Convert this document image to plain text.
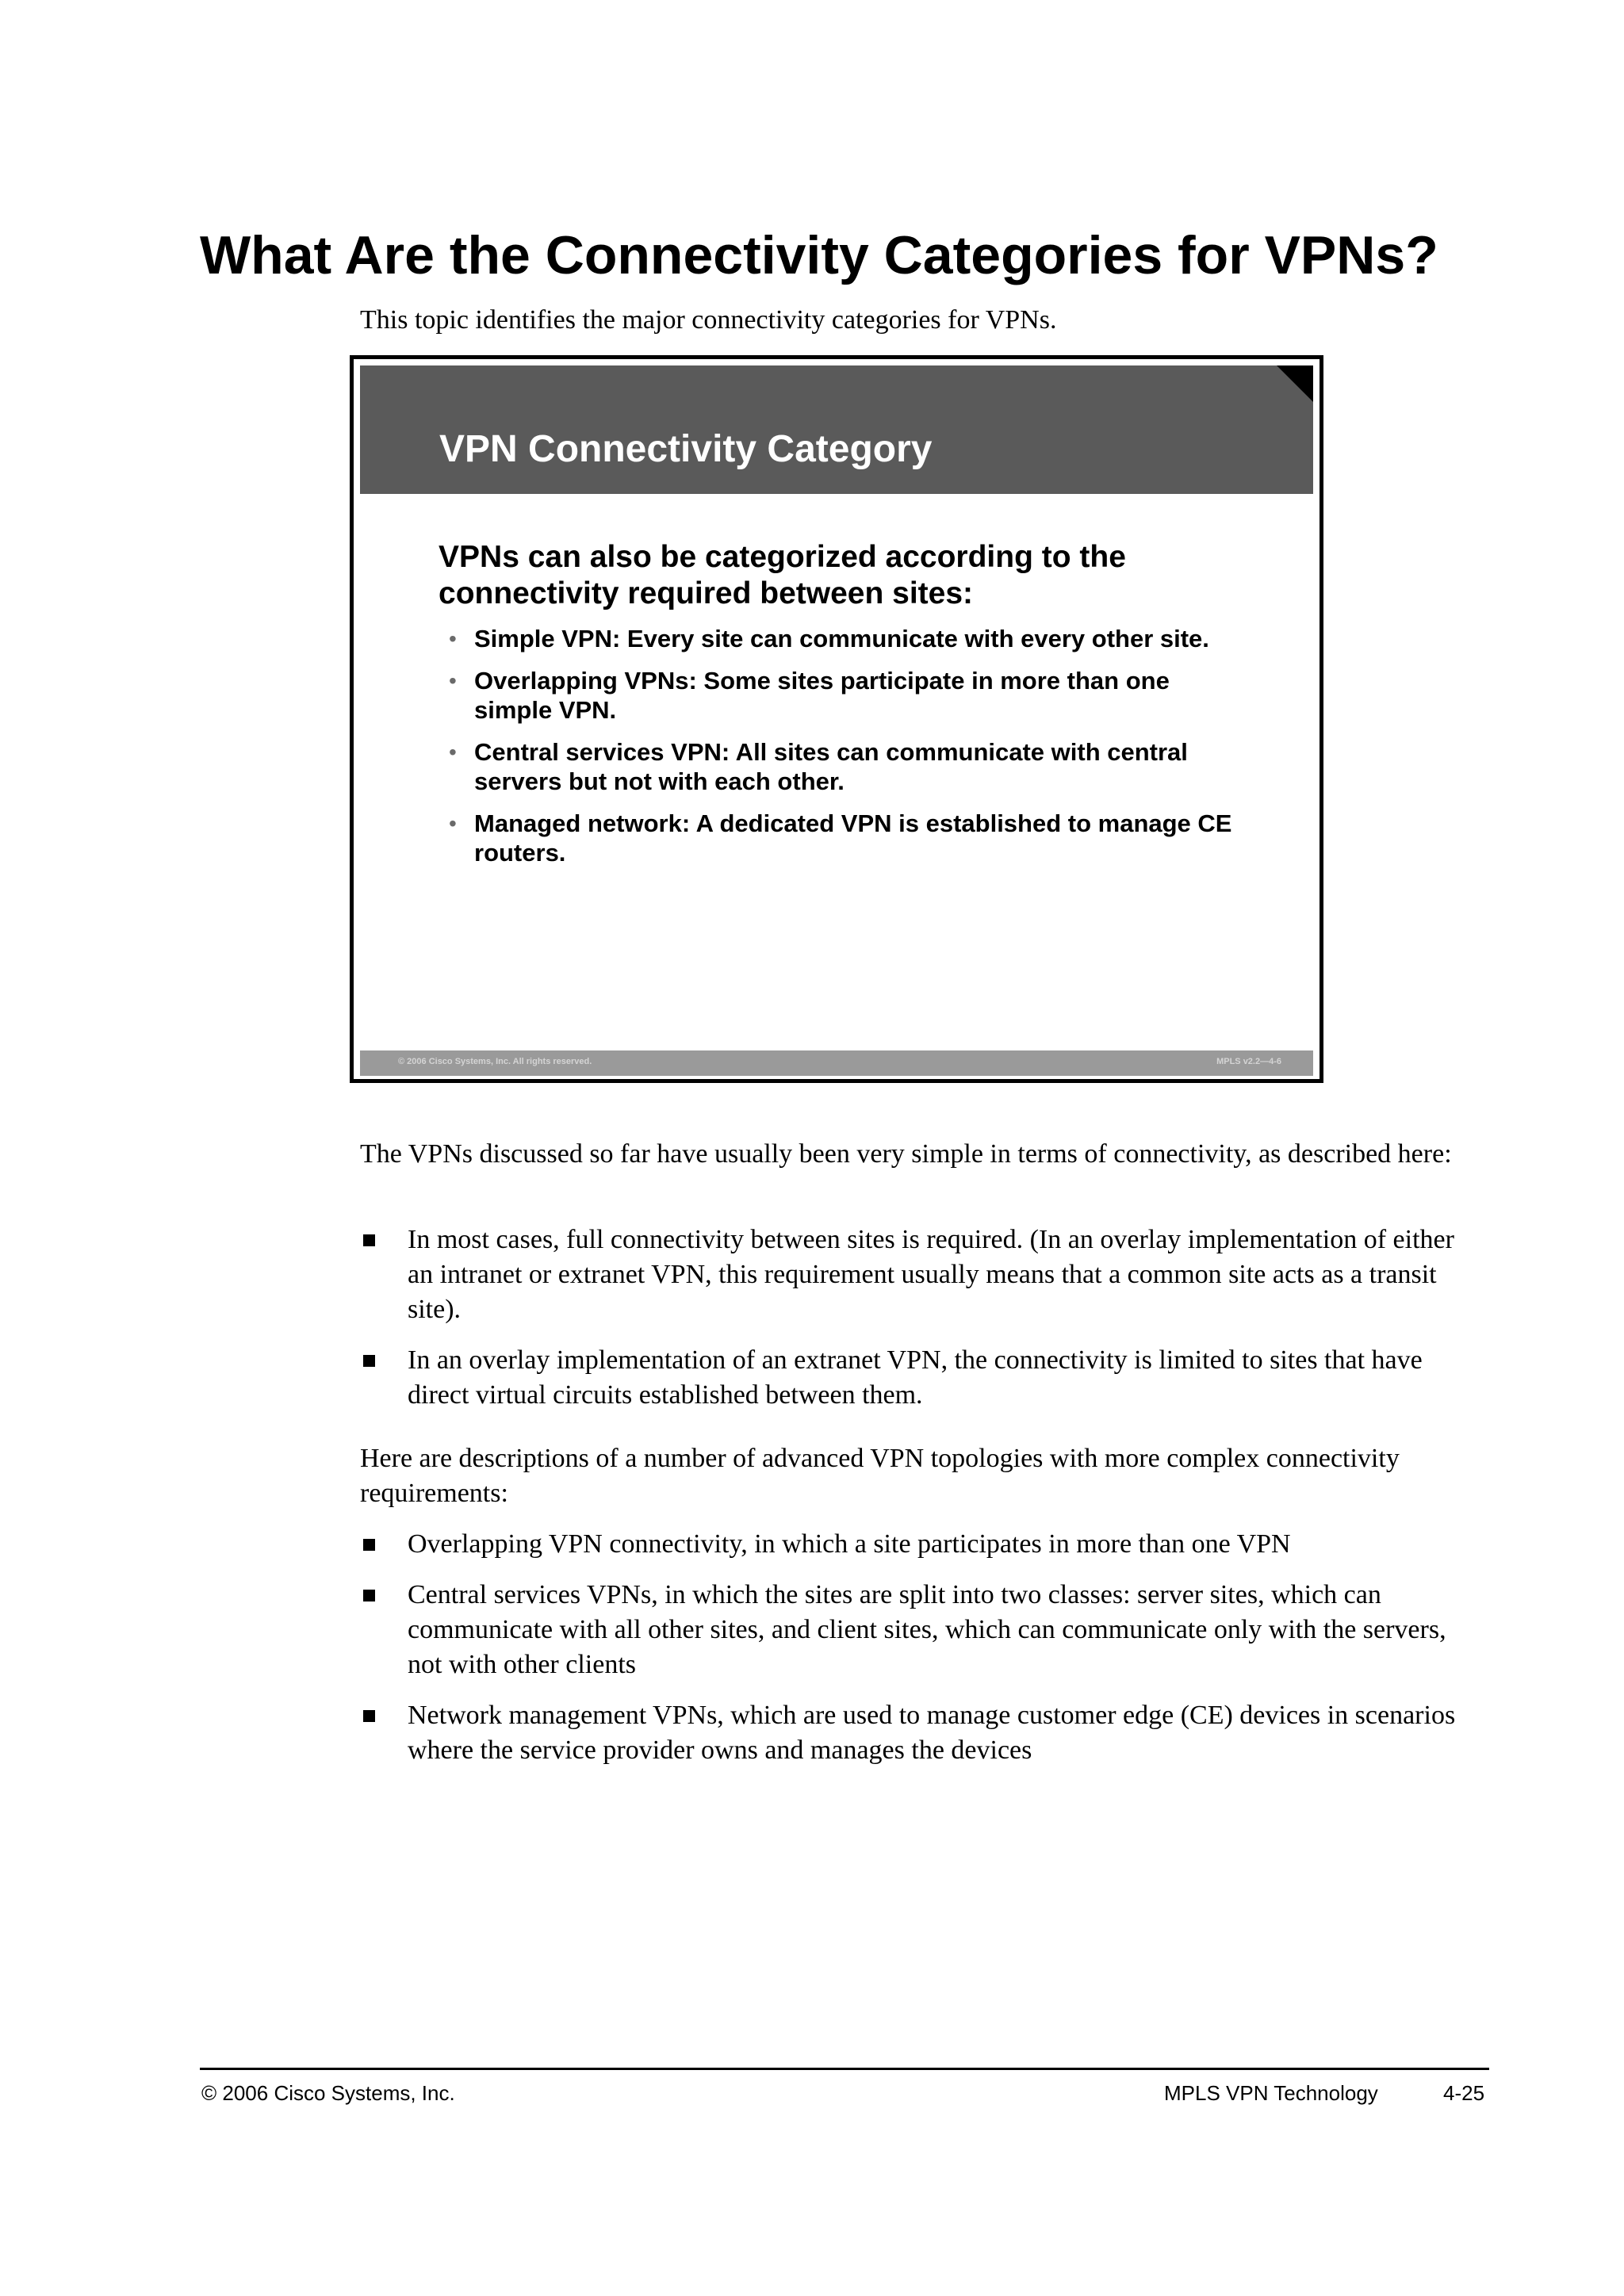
What Are the Connectivity Categories for VPNs?
This topic identifies the major connectivity categories for VPNs.
VPN Connectivity Category
VPNs can also be categorized according to the connectivity required between sites:
• Simple VPN: Every site can communicate with every other site.
• Overlapping VPNs: Some sites participate in more than one simple VPN.
• Central services VPN: All sites can communicate with central servers but not with each other.
• Managed network: A dedicated VPN is established to manage CE routers.
© 2006 Cisco Systems, Inc. All rights reserved.	MPLS v2.2—4-6

The VPNs discussed so far have usually been very simple in terms of connectivity, as described here:

In most cases, full connectivity between sites is required. (In an overlay implementation of either an intranet or extranet VPN, this requirement usually means that a common site acts as a transit site).
In an overlay implementation of an extranet VPN, the connectivity is limited to sites that have direct virtual circuits established between them.

Here are descriptions of a number of advanced VPN topologies with more complex connectivity requirements:

Overlapping VPN connectivity, in which a site participates in more than one VPN
Central services VPNs, in which the sites are split into two classes: server sites, which can communicate with all other sites, and client sites, which can communicate only with the servers, not with other clients
Network management VPNs, which are used to manage customer edge (CE) devices in scenarios where the service provider owns and manages the devices
© 2006 Cisco Systems, Inc.	MPLS VPN Technology	4-25
